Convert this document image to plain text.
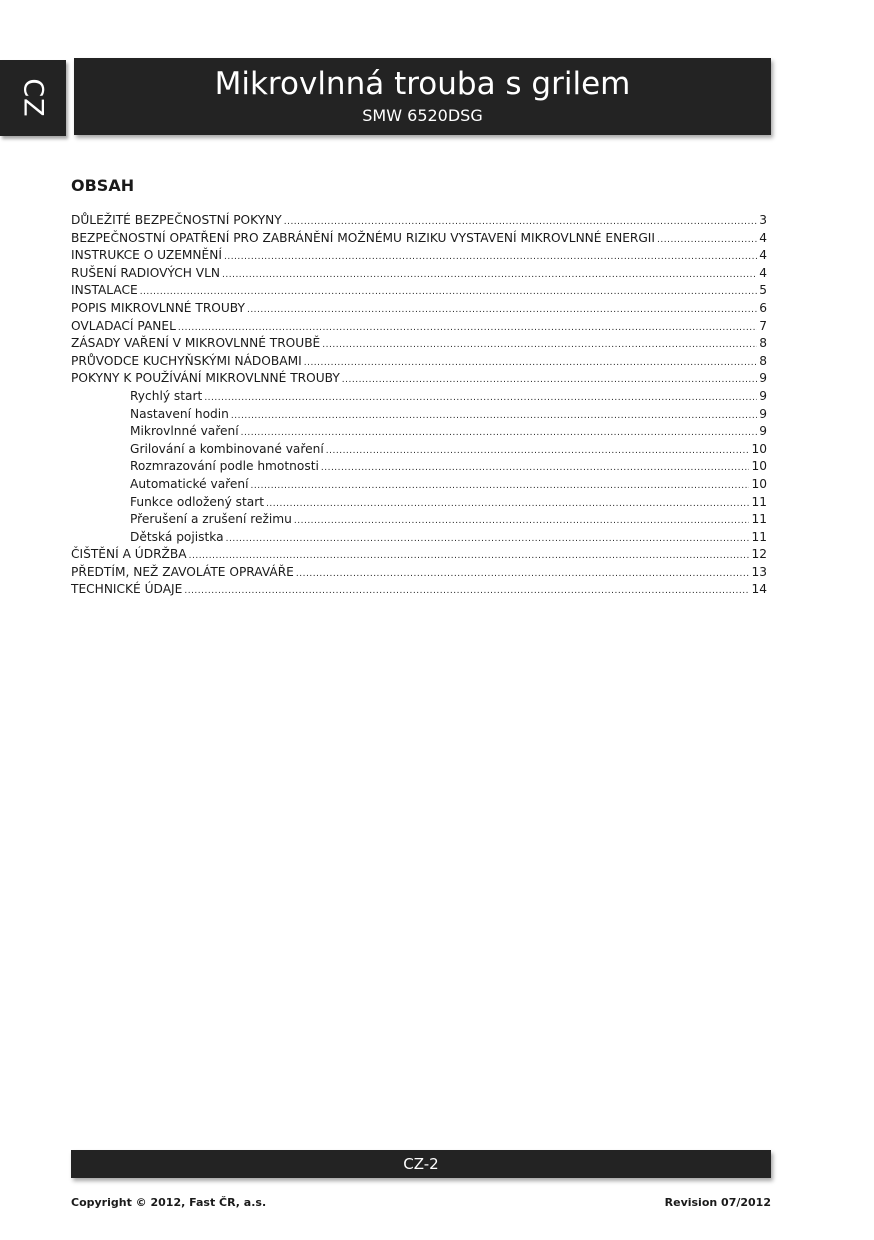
CZ	Mikrovlnná trouba s grilem
SMW 6520DSG
OBSAH
DŮLEŽITÉ BEZPEČNOSTNÍ POKYNY .....	3
BEZPEČNOSTNÍ OPATŘENÍ PRO ZABRÁNĚNÍ MOŽNÉMU RIZIKU VYSTAVENÍ MIKROVLNNÉ ENERGII .....	4
INSTRUKCE O UZEMNĚNÍ .....	4
RUŠENÍ RADIOVÝCH VLN .....	4
INSTALACE .....	5
POPIS MIKROVLNNÉ TROUBY .....	6
OVLADACÍ PANEL .....	7
ZÁSADY VAŘENÍ V MIKROVLNNÉ TROUBĚ .....	8
PRŮVODCE KUCHYŇSKÝMI NÁDOBAMI .....	8
POKYNY K POUŽÍVÁNÍ MIKROVLNNÉ TROUBY .....	9
Rychlý start .....	9
Nastavení hodin .....	9
Mikrovlnné vaření .....	9
Grilování a kombinované vaření .....	10
Rozmrazování podle hmotnosti .....	10
Automatické vaření .....	10
Funkce odložený start .....	11
Přerušení a zrušení režimu .....	11
Dětská pojistka .....	11
ČIŠTĚNÍ A ÚDRŽBA .....	12
PŘEDTÍM, NEŽ ZAVOLÁTE OPRAVÁŘE .....	13
TECHNICKÉ ÚDAJE .....	14
CZ-2
Copyright © 2012, Fast ČR, a.s.	Revision 07/2012
